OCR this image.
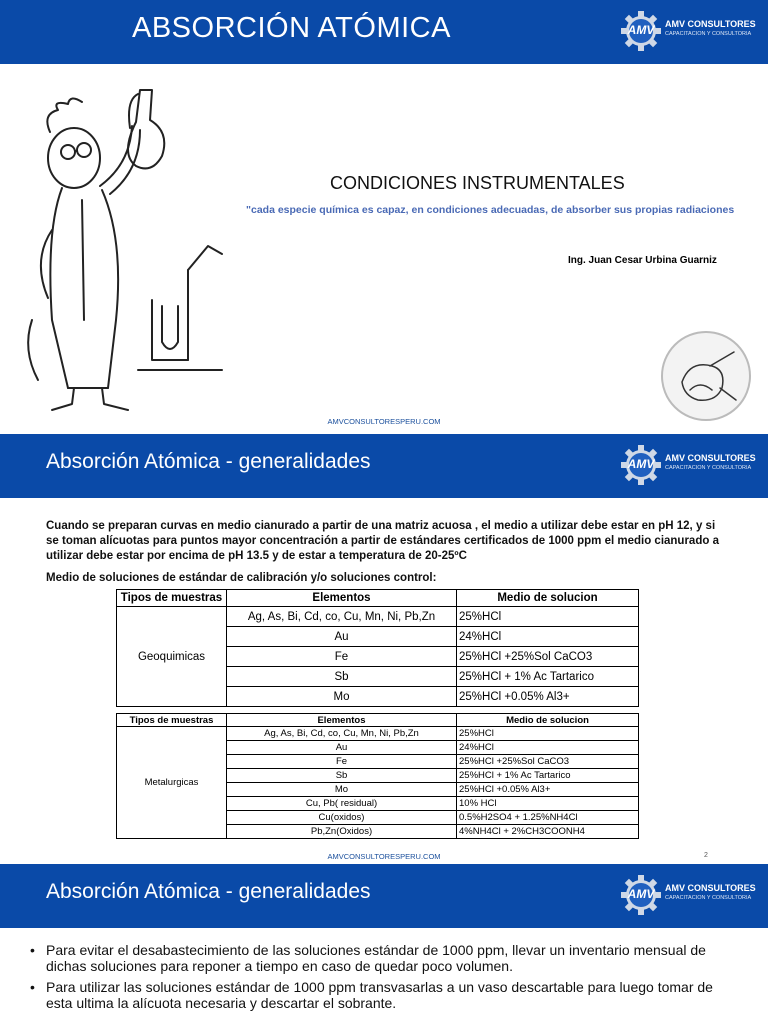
ABSORCIÓN ATÓMICA	AMV AMV CONSULTORES
CAPACITACION Y CONSULTORIA
CONDICIONES INSTRUMENTALES
"cada especie química es capaz, en condiciones adecuadas, de absorber sus propias radiaciones
Ing. Juan Cesar Urbina Guarniz
AMVCONSULTORESPERU.COM
Absorción Atómica - generalidades	AMV AMV CONSULTORES
CAPACITACION Y CONSULTORIA
Cuando se preparan curvas en medio cianurado a partir de una matriz acuosa , el medio a utilizar debe estar en pH 12, y si se toman alícuotas para puntos mayor concentración a partir de estándares certificados de 1000 ppm el medio cianurado a utilizar debe estar por encima de pH 13.5 y de estar a temperatura de 20-25ºC
Medio de soluciones de estándar de calibración y/o soluciones control:
Tipos de muestras	Elementos	Medio de solucion
Geoquimicas	Ag, As, Bi, Cd, co, Cu, Mn, Ni, Pb,Zn	25%HCl
	Au	24%HCl
	Fe	25%HCl +25%Sol CaCO3
	Sb	25%HCl + 1% Ac Tartarico
	Mo	25%HCl +0.05% Al3+
Tipos de muestras	Elementos	Medio de solucion
Metalurgicas	Ag, As, Bi, Cd, co, Cu, Mn, Ni, Pb,Zn	25%HCl
	Au	24%HCl
	Fe	25%HCl +25%Sol CaCO3
	Sb	25%HCl + 1% Ac Tartarico
	Mo	25%HCl +0.05% Al3+
	Cu, Pb( residual)	10% HCl
	Cu(oxidos)	0.5%H2SO4 + 1.25%NH4Cl
	Pb,Zn(Oxidos)	4%NH4Cl + 2%CH3COONH4
AMVCONSULTORESPERU.COM	2
Absorción Atómica - generalidades	AMV AMV CONSULTORES
CAPACITACION Y CONSULTORIA
• Para evitar el desabastecimiento de las soluciones estándar de 1000 ppm, llevar un inventario mensual de dichas soluciones para reponer a tiempo en caso de quedar poco volumen.
• Para utilizar las soluciones estándar de 1000 ppm transvasarlas a un vaso descartable para luego tomar de esta ultima la alícuota necesaria y descartar el sobrante.
